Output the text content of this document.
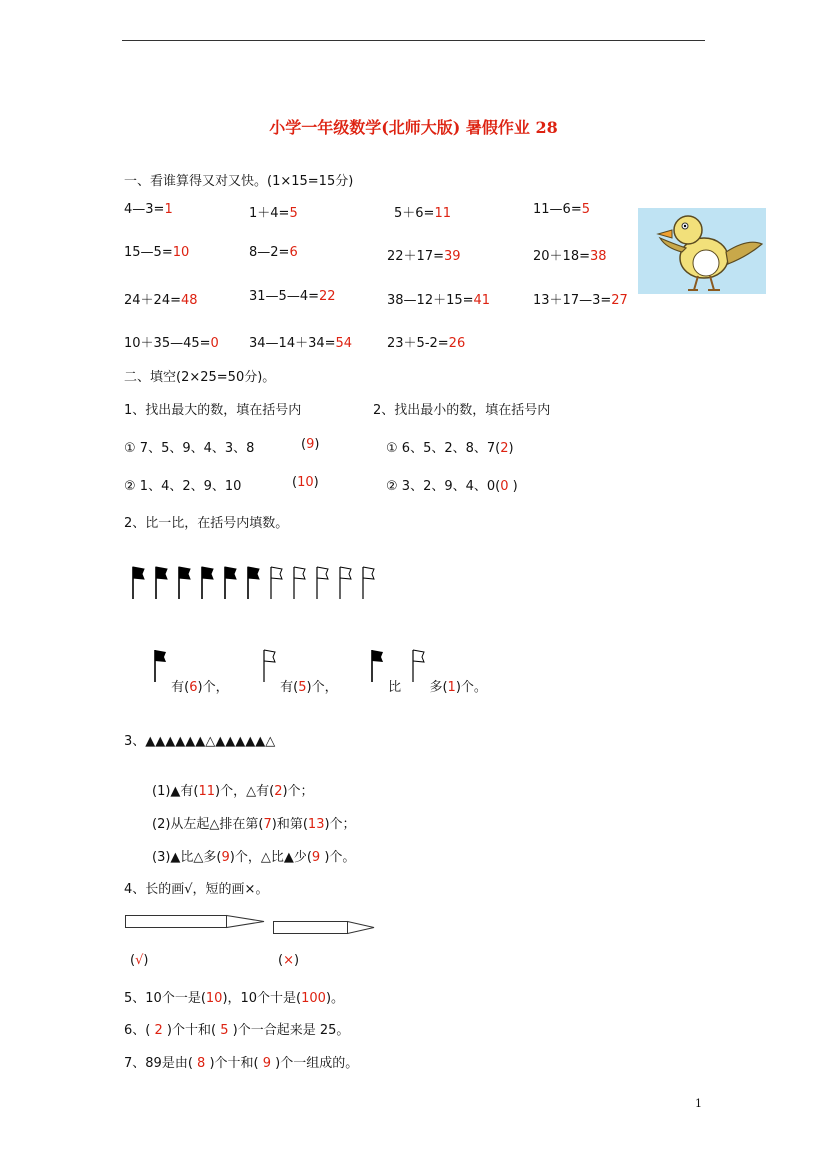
小学一年级数学(北师大版) 暑假作业 28
一、看谁算得又对又快。(1×15=15分)
4—3=1	1＋4=5	5＋6=11	11—6=5
15—5=10	8—2=6	22＋17=39	20＋18=38
24＋24=48	31—5—4=22	38—12＋15=41	13＋17—3=27
10＋35—45=0 34—14＋34=54	23＋5-2=26
二、填空(2×25=50分)。
1、找出最大的数，填在括号内	2、找出最小的数，填在括号内
① 7、5、9、4、3、8	(9)
② 1、4、2、9、10	(10)
① 6、5、2、8、7(2)
② 3、2、9、4、0(0 )
2、比一比，在括号内填数。
有(6)个，	有(5)个，	比 多(1)个。
3、▲▲▲▲▲▲△▲▲▲▲▲△
(1)▲有(11)个，△有(2)个；
(2)从左起△排在第(7)和第(13)个；
(3)▲比△多(9)个，△比▲少(9 )个。
4、长的画√，短的画×。
(√)	(×)
5、10个一是(10)，10个十是(100)。
6、( 2 )个十和( 5 )个一合起来是 25。
7、89是由( 8 )个十和( 9 )个一组成的。
1
